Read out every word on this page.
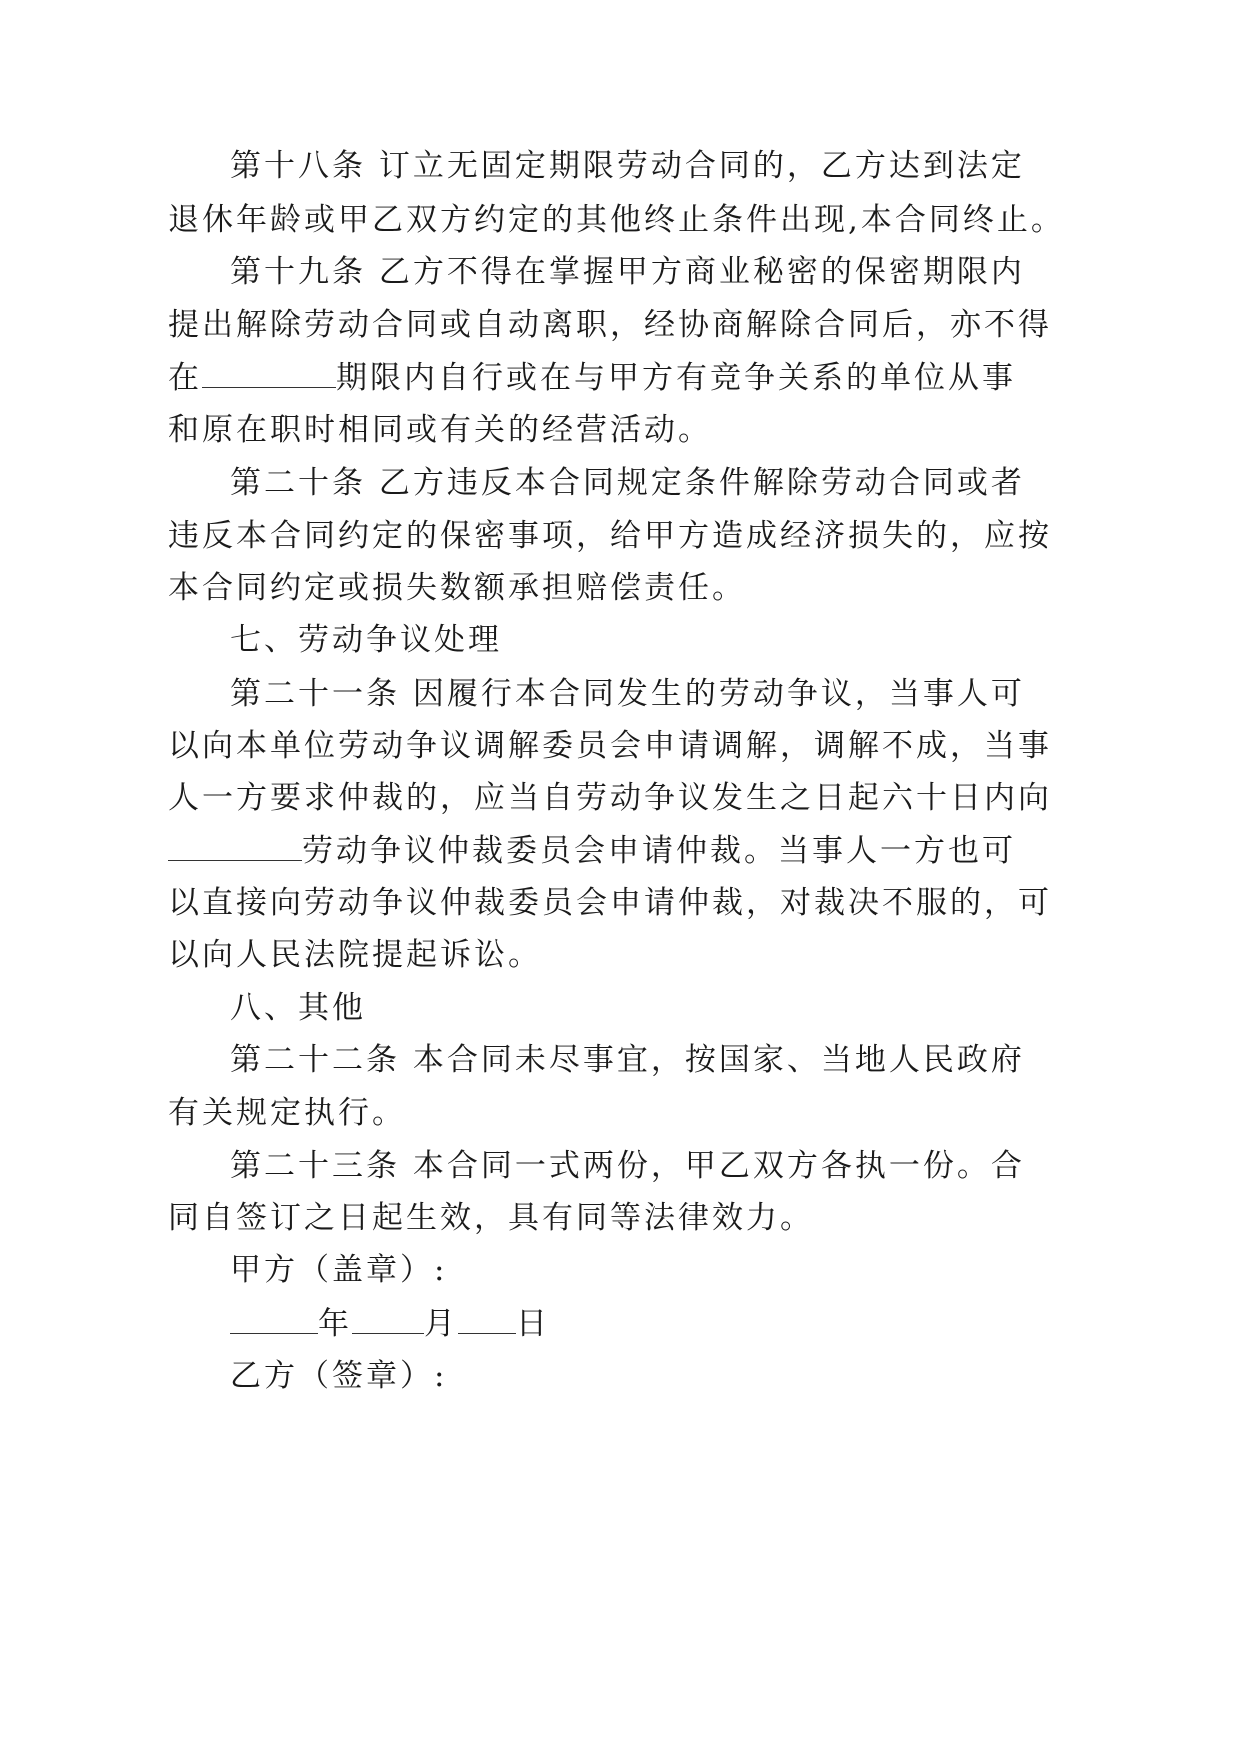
第十八条 订立无固定期限劳动合同的，乙方达到法定
退休年龄或甲乙双方约定的其他终止条件出现,本合同终止。
第十九条 乙方不得在掌握甲方商业秘密的保密期限内
提出解除劳动合同或自动离职，经协商解除合同后，亦不得
在	期限内自行或在与甲方有竞争关系的单位从事
和原在职时相同或有关的经营活动。
第二十条 乙方违反本合同规定条件解除劳动合同或者
违反本合同约定的保密事项，给甲方造成经济损失的，应按
本合同约定或损失数额承担赔偿责任。
七、劳动争议处理
第二十一条 因履行本合同发生的劳动争议，当事人可
以向本单位劳动争议调解委员会申请调解，调解不成，当事
人一方要求仲裁的，应当自劳动争议发生之日起六十日内向
劳动争议仲裁委员会申请仲裁。当事人一方也可
以直接向劳动争议仲裁委员会申请仲裁，对裁决不服的，可
以向人民法院提起诉讼。
八、其他
第二十二条 本合同未尽事宜，按国家、当地人民政府
有关规定执行。
第二十三条 本合同一式两份，甲乙双方各执一份。合
同自签订之日起生效，具有同等法律效力。
甲方（盖章）:
年 月 日
乙方（签章）:
